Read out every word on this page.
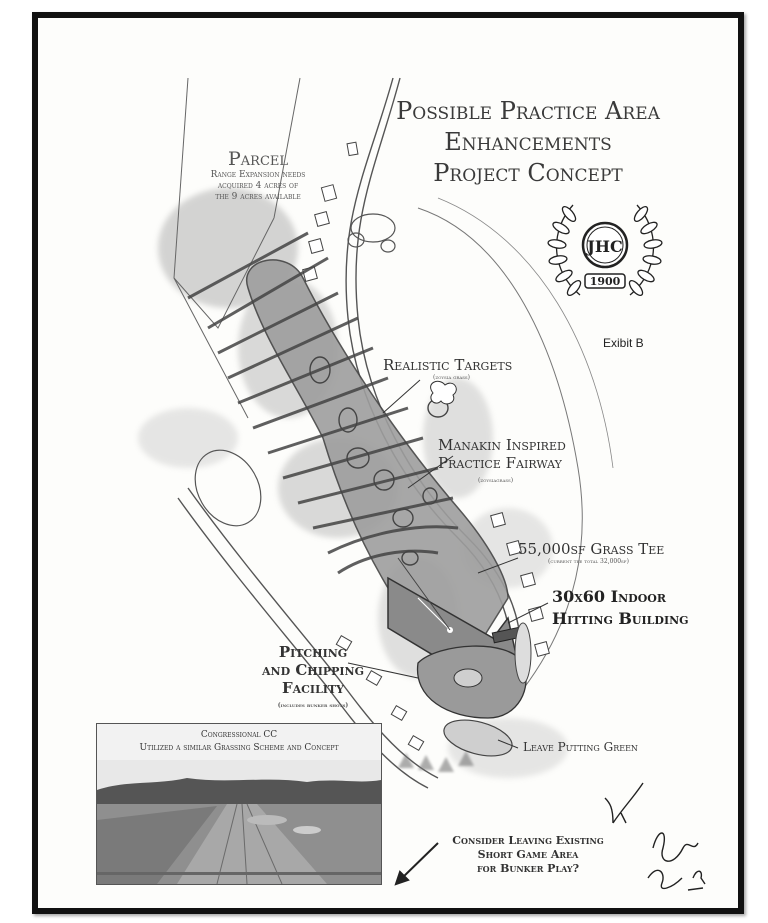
JHC
1900
Possible Practice Area Enhancements
Project Concept
Parcel
Range Expansion needs
acquired 4 acres of
the 9 acres available
Exibit B
Realistic Targets
(zoysia grass)
Manakin Inspired
Practice Fairway
(zoysiagrass)
55,000sf Grass Tee
(current tee total 32,000sf)
30x60 Indoor
Hitting Building
Pitching
and Chipping
Facility
(includes bunker shots)
Leave Putting Green
Congressional CC
Utilized a similar Grassing Scheme and Concept
Consider Leaving Existing
Short Game Area
for Bunker Play?
